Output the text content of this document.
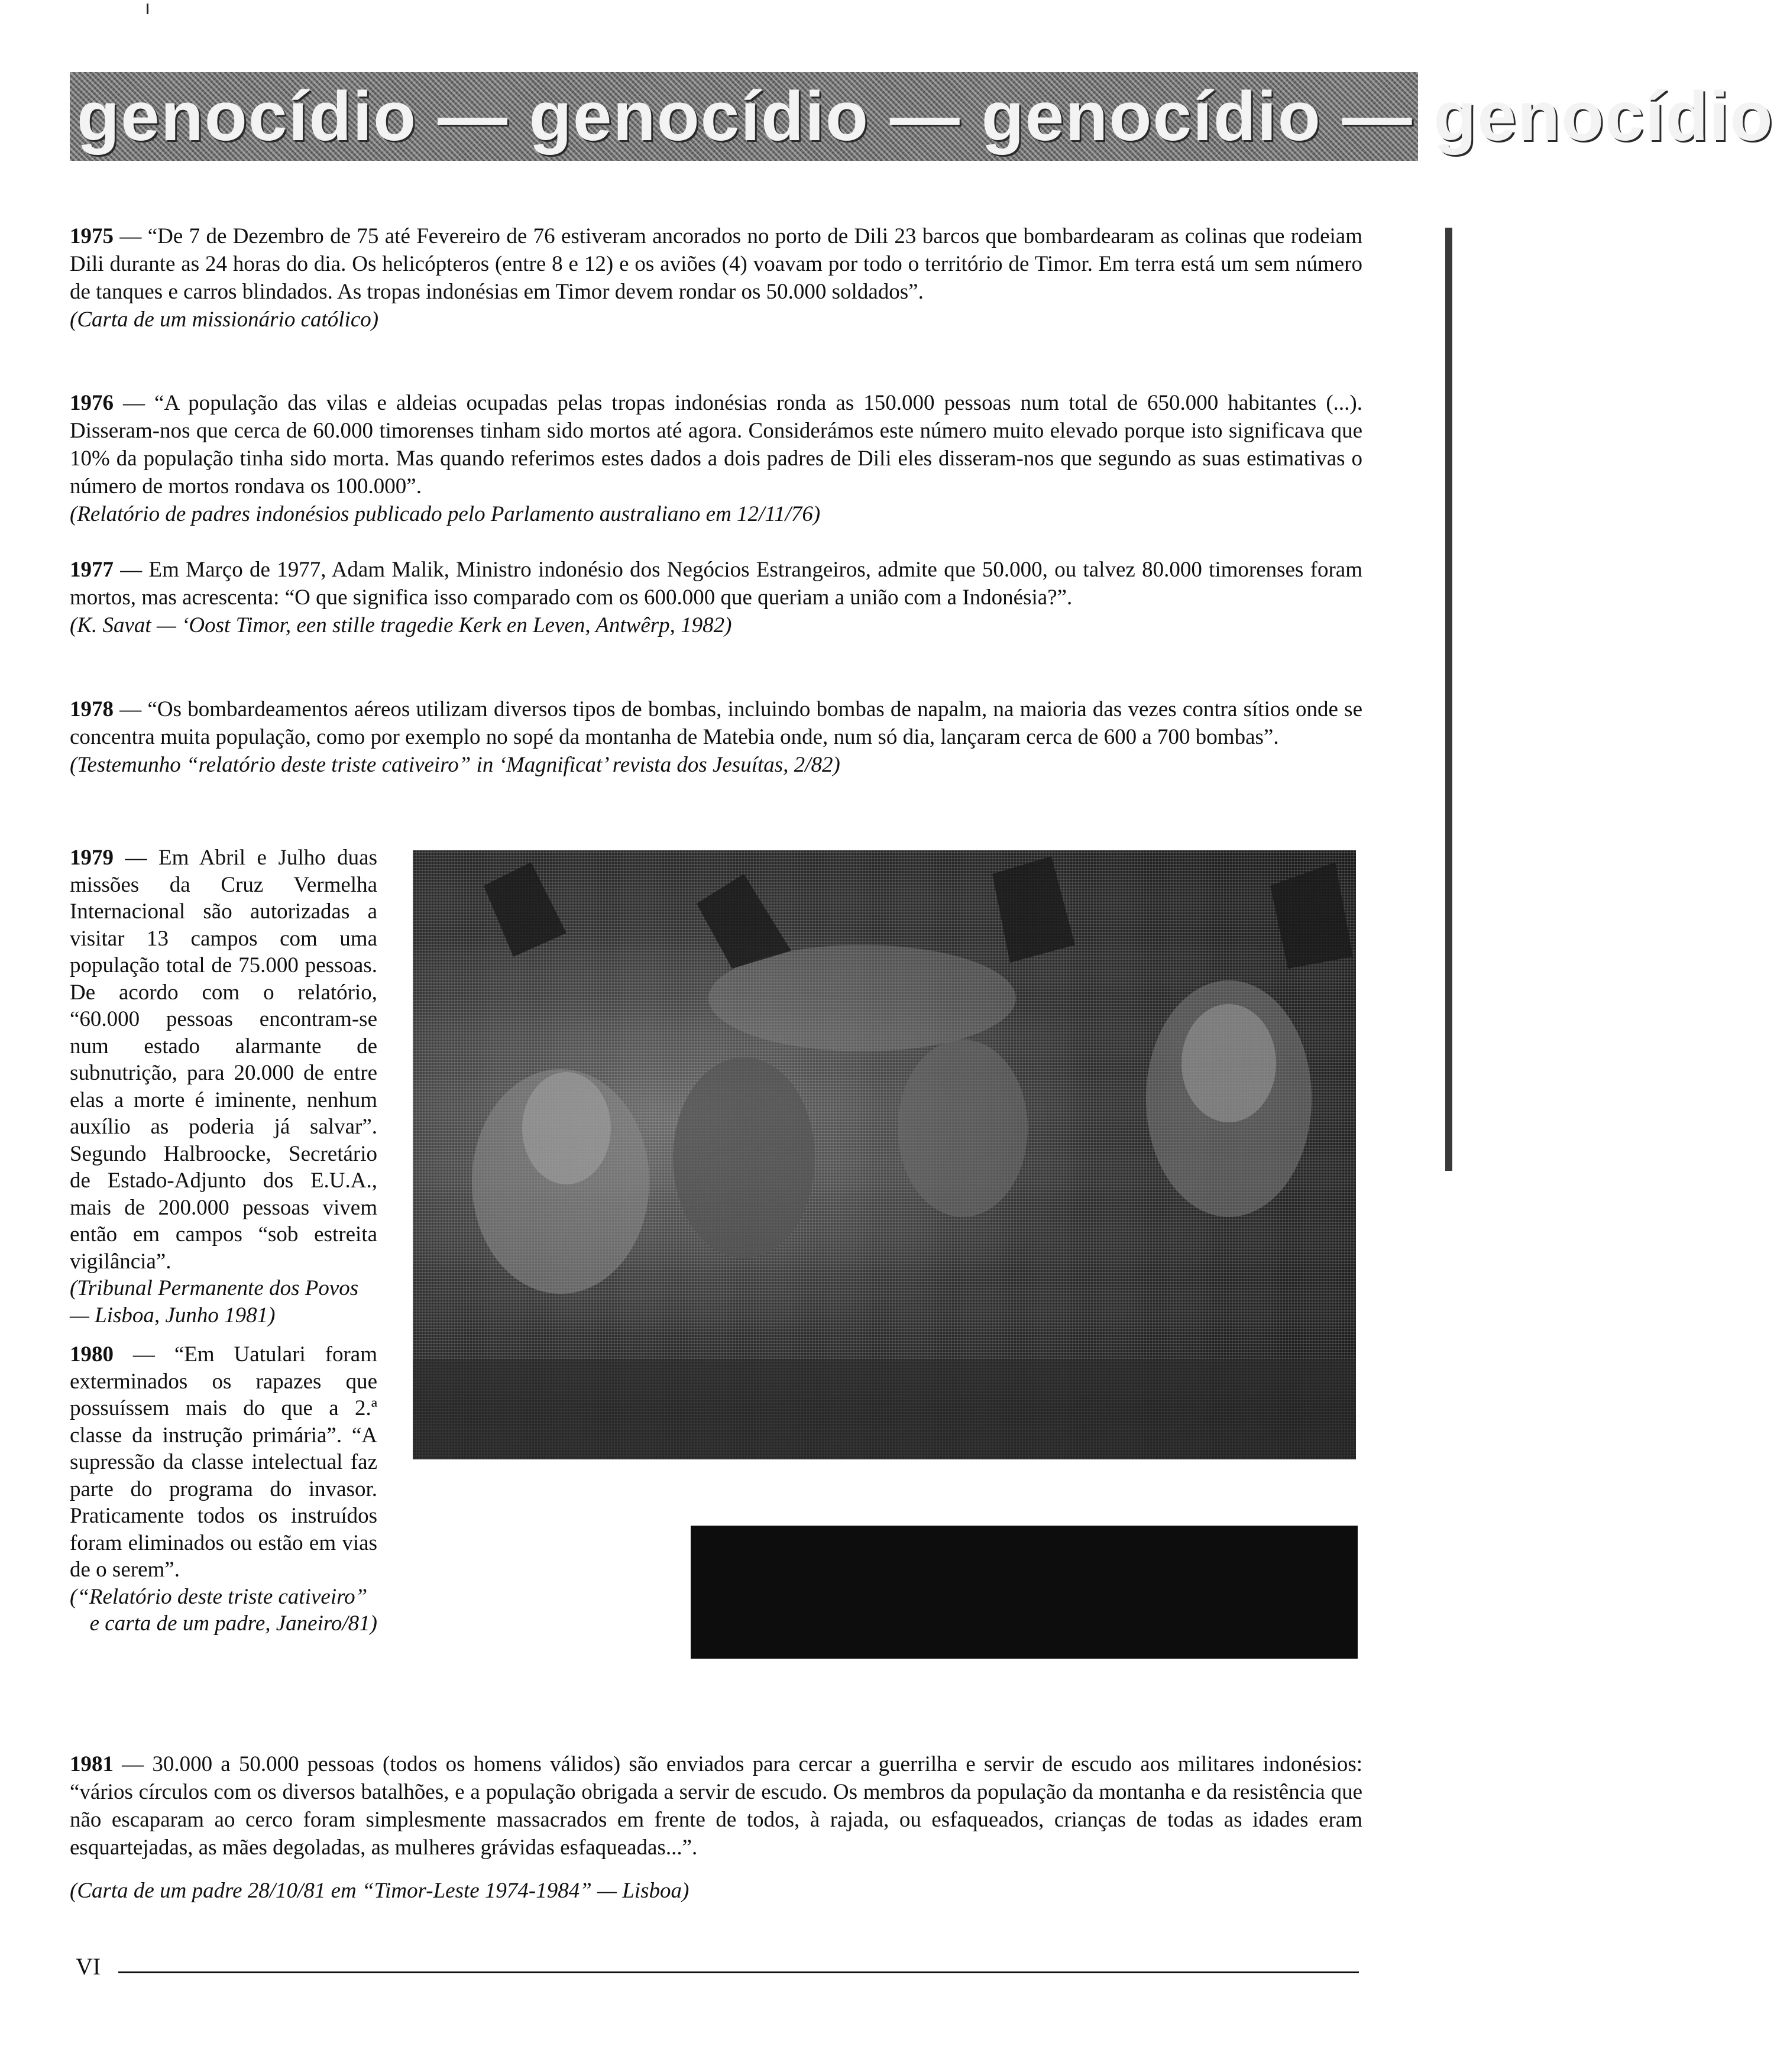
genocídio — genocídio — genocídio — genocídio
1975 — “De 7 de Dezembro de 75 até Fevereiro de 76 estiveram ancorados no porto de Dili 23 barcos que bombardearam as colinas que rodeiam Dili durante as 24 horas do dia. Os helicópteros (entre 8 e 12) e os aviões (4) voavam por todo o território de Timor. Em terra está um sem número de tanques e carros blindados. As tropas indonésias em Timor devem rondar os 50.000 soldados”.
(Carta de um missionário católico)
1976 — “A população das vilas e aldeias ocupadas pelas tropas indonésias ronda as 150.000 pessoas num total de 650.000 habitantes (...). Disseram-nos que cerca de 60.000 timorenses tinham sido mortos até agora. Considerámos este número muito elevado porque isto significava que 10% da população tinha sido morta. Mas quando referimos estes dados a dois padres de Dili eles disseram-nos que segundo as suas estimativas o número de mortos rondava os 100.000”.
(Relatório de padres indonésios publicado pelo Parlamento australiano em 12/11/76)
1977 — Em Março de 1977, Adam Malik, Ministro indonésio dos Negócios Estrangeiros, admite que 50.000, ou talvez 80.000 timorenses foram mortos, mas acrescenta: “O que significa isso comparado com os 600.000 que queriam a união com a Indonésia?”.
(K. Savat — ‘Oost Timor, een stille tragedie Kerk en Leven, Antwêrp, 1982)
1978 — “Os bombardeamentos aéreos utilizam diversos tipos de bombas, incluindo bombas de napalm, na maioria das vezes contra sítios onde se concentra muita população, como por exemplo no sopé da montanha de Matebia onde, num só dia, lançaram cerca de 600 a 700 bombas”.
(Testemunho “relatório deste triste cativeiro” in ‘Magnificat’ revista dos Jesuítas, 2/82)
1979 — Em Abril e Julho duas missões da Cruz Vermelha Internacional são autorizadas a visitar 13 campos com uma população total de 75.000 pessoas. De acordo com o relatório, “60.000 pessoas encontram-se num estado alarmante de subnutrição, para 20.000 de entre elas a morte é iminente, nenhum auxílio as poderia já salvar”. Segundo Halbroocke, Secretário de Estado-Adjunto dos E.U.A., mais de 200.000 pessoas vivem então em campos “sob estreita vigilância”.
(Tribunal Permanente dos Povos — Lisboa, Junho 1981)
1980 — “Em Uatulari foram exterminados os rapazes que possuíssem mais do que a 2.ª classe da instrução primária”. “A supressão da classe intelectual faz parte do programa do invasor. Praticamente todos os instruídos foram eliminados ou estão em vias de o serem”.
(“Relatório deste triste cativeiro”
e carta de um padre, Janeiro/81)
1981 — 30.000 a 50.000 pessoas (todos os homens válidos) são enviados para cercar a guerrilha e servir de escudo aos militares indonésios: “vários círculos com os diversos batalhões, e a população obrigada a servir de escudo. Os membros da população da montanha e da resistência que não escaparam ao cerco foram simplesmente massacrados em frente de todos, à rajada, ou esfaqueados, crianças de todas as idades eram esquartejadas, as mães degoladas, as mulheres grávidas esfaqueadas...”.
(Carta de um padre 28/10/81 em “Timor-Leste 1974-1984” — Lisboa)
VI
